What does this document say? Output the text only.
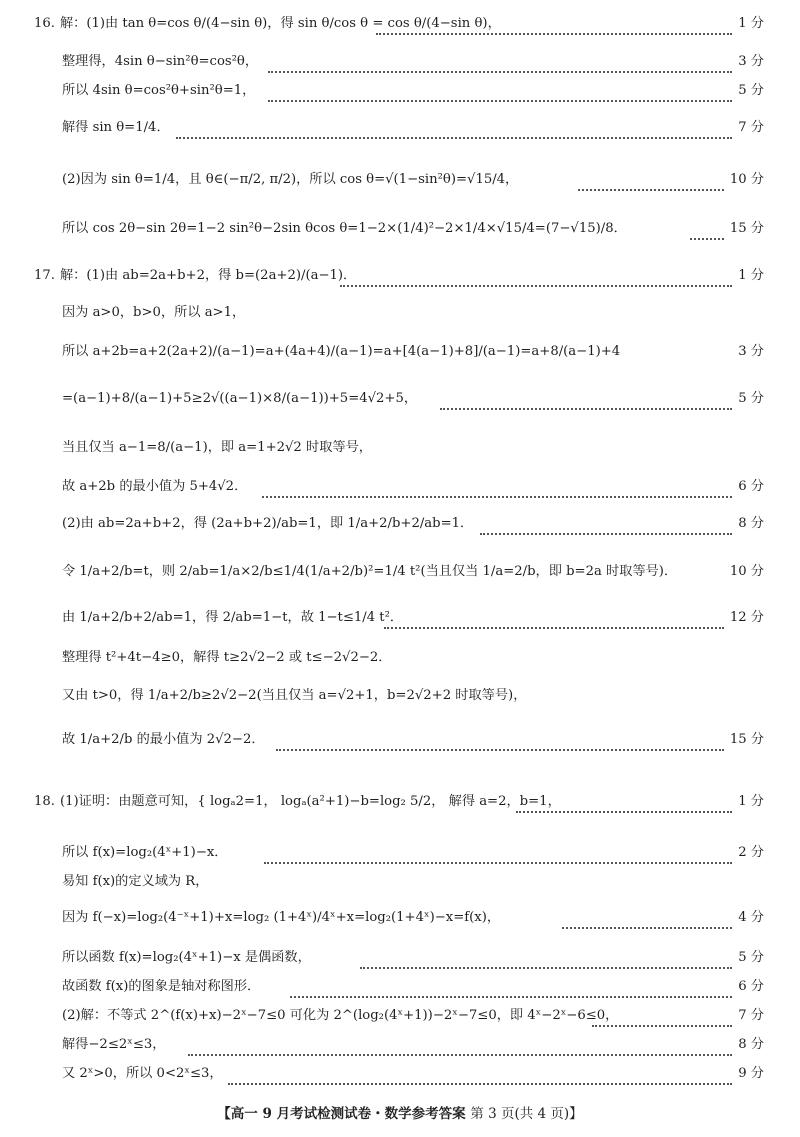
16. 解：(1)由 tan θ=cos θ/(4−sin θ)，得 sin θ/cos θ = cos θ/(4−sin θ)，	1 分
整理得，4sin θ−sin²θ=cos²θ，	3 分
所以 4sin θ=cos²θ+sin²θ=1，	5 分
解得 sin θ=1/4．	7 分
(2)因为 sin θ=1/4，且 θ∈(−π/2, π/2)，所以 cos θ=√(1−sin²θ)=√15/4，	10 分
所以 cos 2θ−sin 2θ=1−2 sin²θ−2sin θcos θ=1−2×(1/4)²−2×1/4×√15/4=(7−√15)/8．	15 分
17. 解：(1)由 ab=2a+b+2，得 b=(2a+2)/(a−1)．	1 分
因为 a>0，b>0，所以 a>1，
所以 a+2b=a+2(2a+2)/(a−1)=a+(4a+4)/(a−1)=a+[4(a−1)+8]/(a−1)=a+8/(a−1)+4	3 分
=(a−1)+8/(a−1)+5≥2√((a−1)×8/(a−1))+5=4√2+5，	5 分
当且仅当 a−1=8/(a−1)，即 a=1+2√2 时取等号，
故 a+2b 的最小值为 5+4√2．	6 分
(2)由 ab=2a+b+2，得 (2a+b+2)/ab=1，即 1/a+2/b+2/ab=1．	8 分
令 1/a+2/b=t，则 2/ab=1/a×2/b≤1/4(1/a+2/b)²=1/4 t²(当且仅当 1/a=2/b，即 b=2a 时取等号)．	10 分
由 1/a+2/b+2/ab=1，得 2/ab=1−t，故 1−t≤1/4 t²．	12 分
整理得 t²+4t−4≥0，解得 t≥2√2−2 或 t≤−2√2−2．
又由 t>0，得 1/a+2/b≥2√2−2(当且仅当 a=√2+1，b=2√2+2 时取等号)，
故 1/a+2/b 的最小值为 2√2−2．	15 分
18. (1)证明：由题意可知，{ logₐ2=1， logₐ(a²+1)−b=log₂ 5/2， 解得 a=2，b=1，	1 分
所以 f(x)=log₂(4ˣ+1)−x．	2 分
易知 f(x)的定义域为 R，
因为 f(−x)=log₂(4⁻ˣ+1)+x=log₂ (1+4ˣ)/4ˣ+x=log₂(1+4ˣ)−x=f(x)，	4 分
所以函数 f(x)=log₂(4ˣ+1)−x 是偶函数，	5 分
故函数 f(x)的图象是轴对称图形．	6 分
(2)解：不等式 2^(f(x)+x)−2ˣ−7≤0 可化为 2^(log₂(4ˣ+1))−2ˣ−7≤0，即 4ˣ−2ˣ−6≤0，	7 分
解得−2≤2ˣ≤3，	8 分
又 2ˣ>0，所以 0<2ˣ≤3，	9 分
【高一 9 月考试检测试卷・数学参考答案 第 3 页(共 4 页)】
